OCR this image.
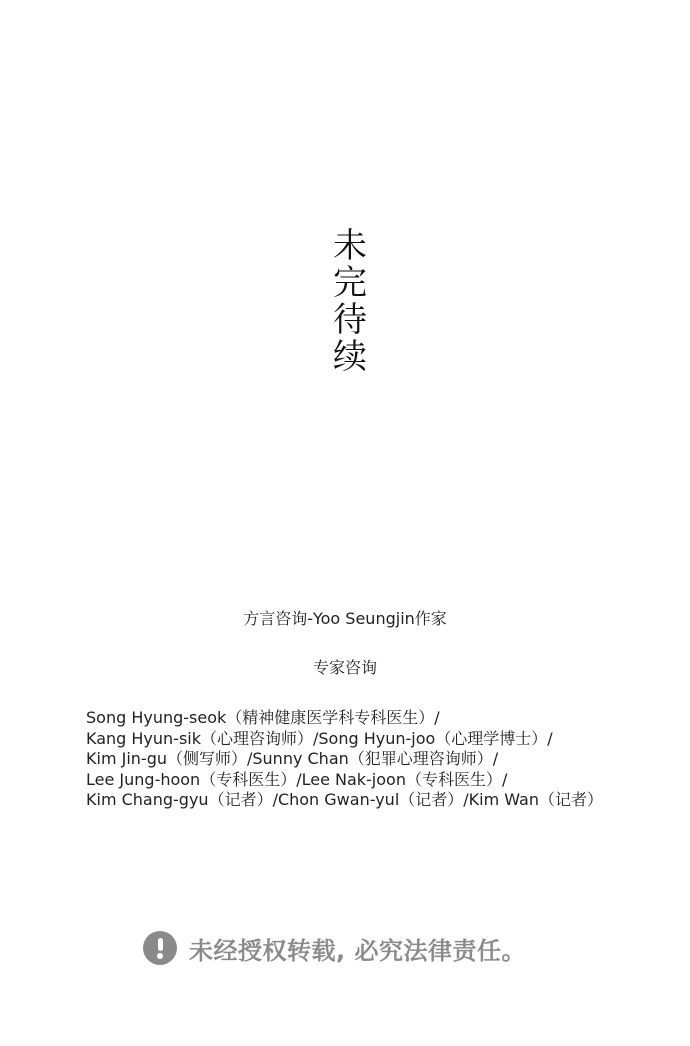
未
完
待
续
方言咨询-Yoo Seungjin作家
专家咨询
Song Hyung-seok（精神健康医学科专科医生）/
Kang Hyun-sik（心理咨询师）/Song Hyun-joo（心理学博士）/
Kim Jin-gu（侧写师）/Sunny Chan（犯罪心理咨询师）/
Lee Jung-hoon（专科医生）/Lee Nak-joon（专科医生）/
Kim Chang-gyu（记者）/Chon Gwan-yul（记者）/Kim Wan（记者）
未经授权转载, 必究法律责任。
